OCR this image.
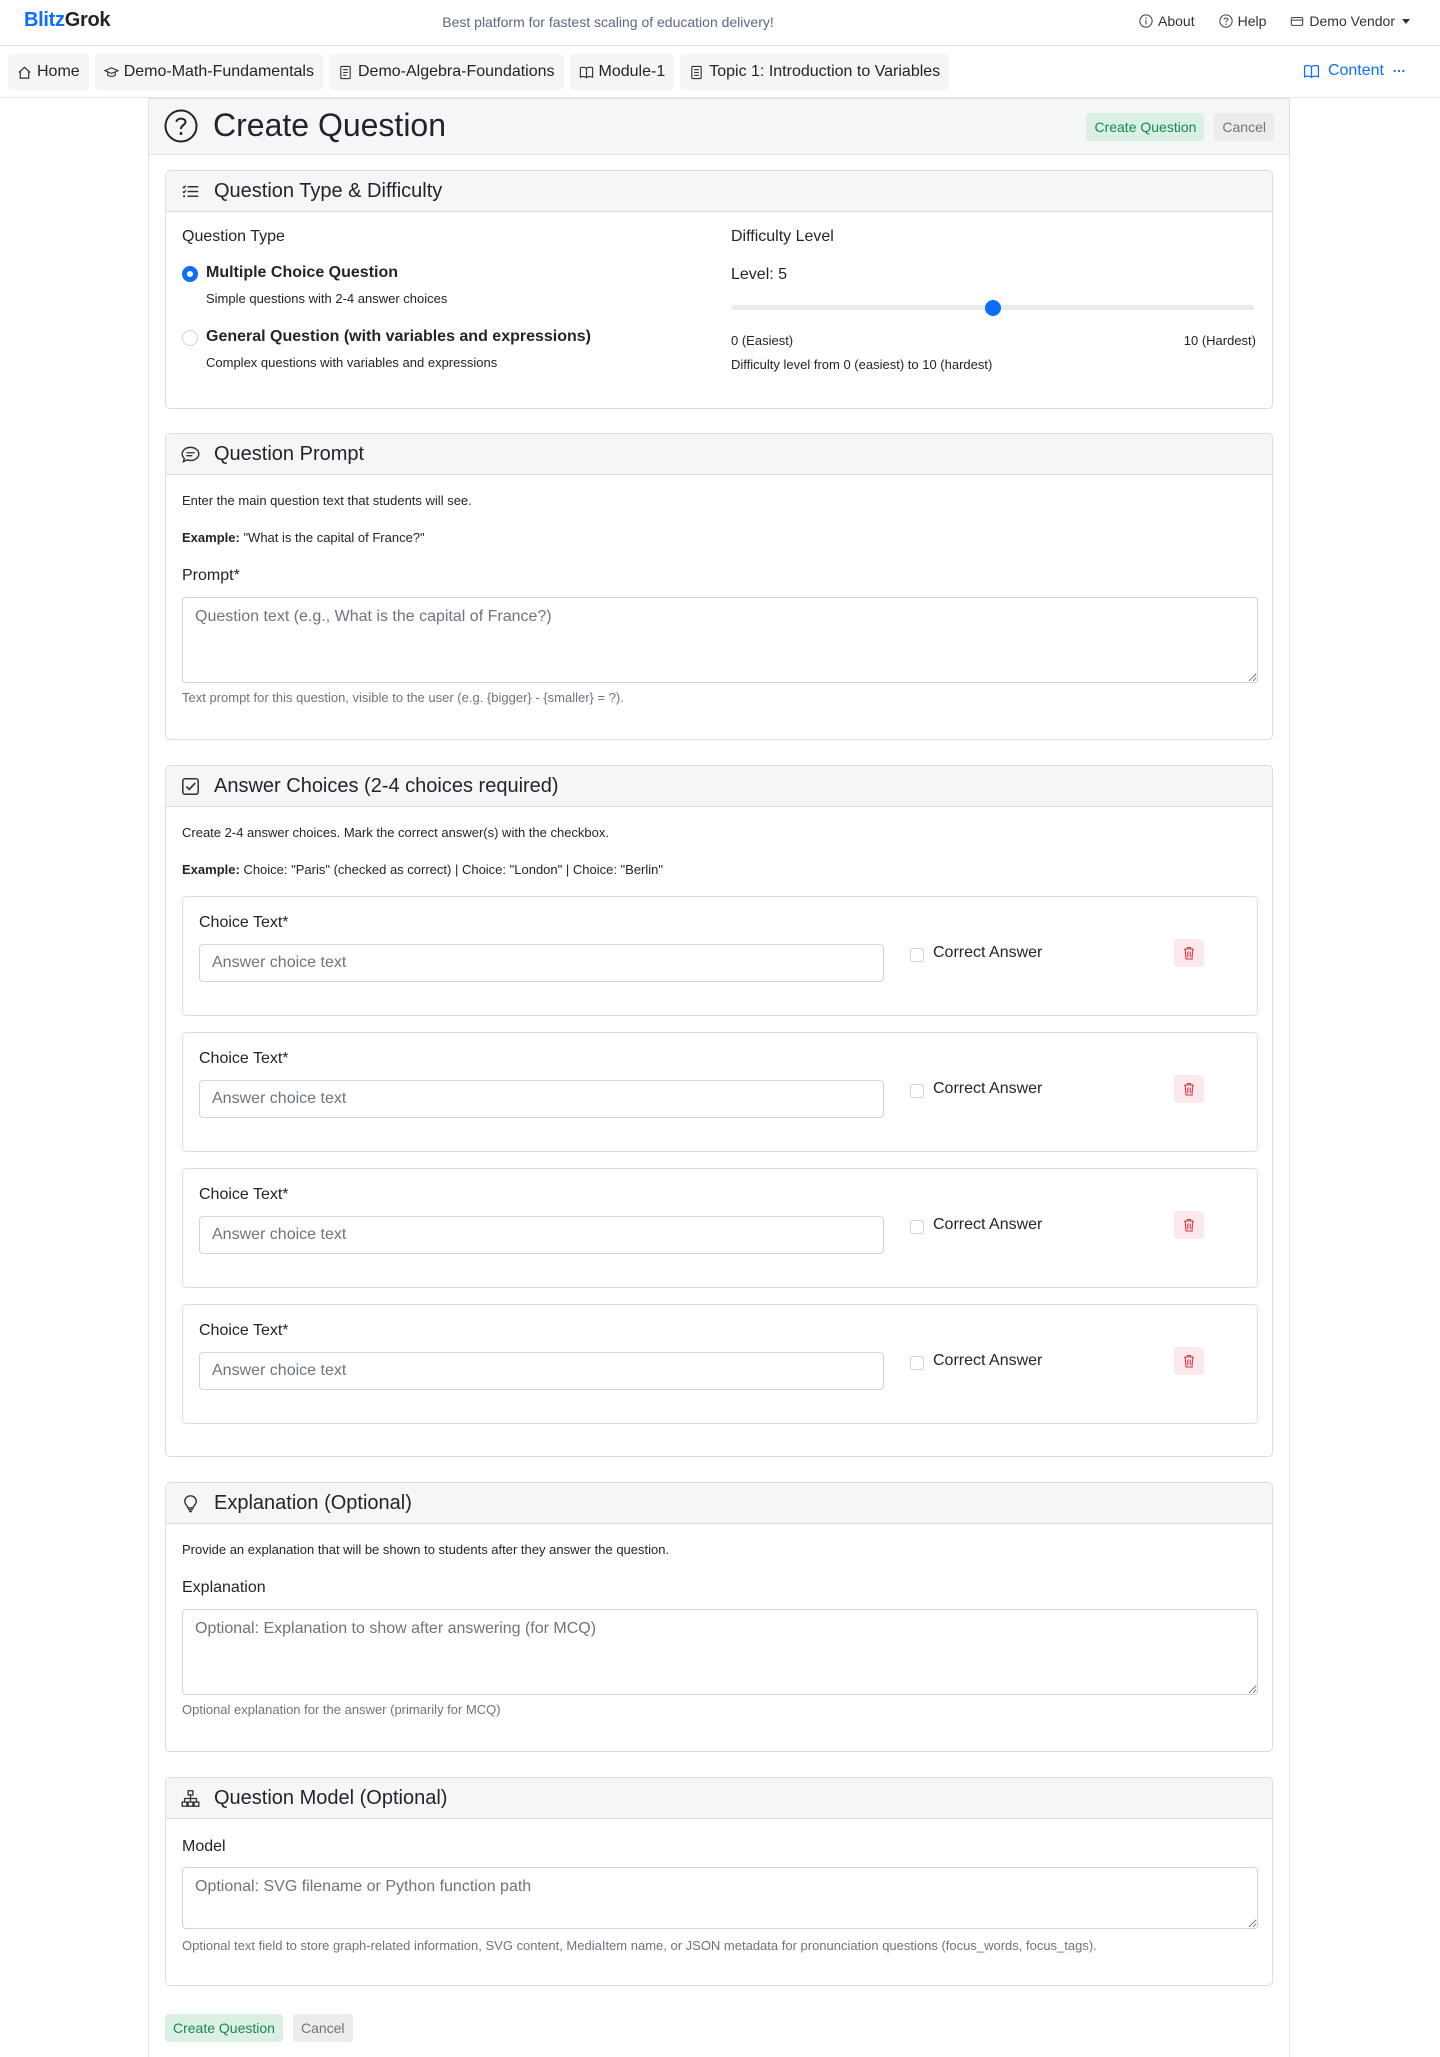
BlitzGrok	Best platform for fastest scaling of education delivery!	About	Help	Demo Vendor
Home	Demo-Math-Fundamentals	Demo-Algebra-Foundations	Module-1	Topic 1: Introduction to Variables	Content
Create Question	Create Question	Cancel
Question Type & Difficulty
Question Type
Multiple Choice Question
Simple questions with 2-4 answer choices
General Question (with variables and expressions)
Complex questions with variables and expressions
Difficulty Level
Level: 5
0 (Easiest)	10 (Hardest)
Difficulty level from 0 (easiest) to 10 (hardest)
Question Prompt
Enter the main question text that students will see.
Example: "What is the capital of France?"
Prompt*
Question text (e.g., What is the capital of France?)
Text prompt for this question, visible to the user (e.g. {bigger} - {smaller} = ?).
Answer Choices (2-4 choices required)
Create 2-4 answer choices. Mark the correct answer(s) with the checkbox.
Example: Choice: "Paris" (checked as correct) | Choice: "London" | Choice: "Berlin"
Choice Text*
Answer choice text
Correct Answer
Choice Text*
Answer choice text
Correct Answer
Choice Text*
Answer choice text
Correct Answer
Choice Text*
Answer choice text
Correct Answer
Explanation (Optional)
Provide an explanation that will be shown to students after they answer the question.
Explanation
Optional: Explanation to show after answering (for MCQ)
Optional explanation for the answer (primarily for MCQ)
Question Model (Optional)
Model
Optional: SVG filename or Python function path
Optional text field to store graph-related information, SVG content, MediaItem name, or JSON metadata for pronunciation questions (focus_words, focus_tags).
Create Question	Cancel
